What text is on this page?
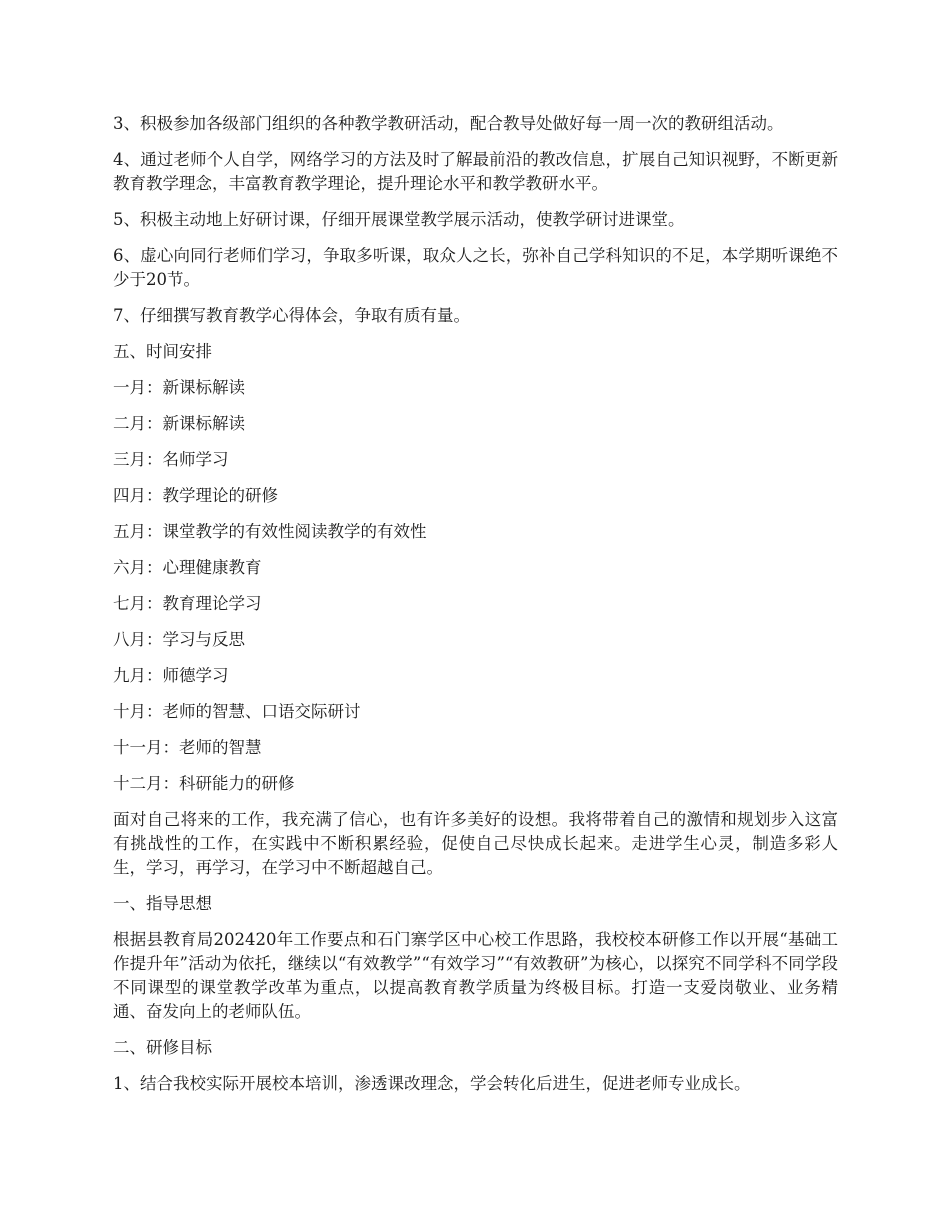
3、积极参加各级部门组织的各种教学教研活动，配合教导处做好每一周一次的教研组活动。

4、通过老师个人自学，网络学习的方法及时了解最前沿的教改信息，扩展自己知识视野，不断更新教育教学理念，丰富教育教学理论，提升理论水平和教学教研水平。

5、积极主动地上好研讨课，仔细开展课堂教学展示活动，使教学研讨进课堂。

6、虚心向同行老师们学习，争取多听课，取众人之长，弥补自己学科知识的不足，本学期听课绝不少于20节。

7、仔细撰写教育教学心得体会，争取有质有量。

五、时间安排

一月：新课标解读

二月：新课标解读

三月：名师学习

四月：教学理论的研修

五月：课堂教学的有效性阅读教学的有效性

六月：心理健康教育

七月：教育理论学习

八月：学习与反思

九月：师德学习

十月：老师的智慧、口语交际研讨

十一月：老师的智慧

十二月：科研能力的研修

面对自己将来的工作，我充满了信心，也有许多美好的设想。我将带着自己的激情和规划步入这富有挑战性的工作，在实践中不断积累经验，促使自己尽快成长起来。走进学生心灵，制造多彩人生，学习，再学习，在学习中不断超越自己。

一、指导思想

根据县教育局202420年工作要点和石门寨学区中心校工作思路，我校校本研修工作以开展“基础工作提升年”活动为依托，继续以“有效教学”“有效学习”“有效教研”为核心，以探究不同学科不同学段不同课型的课堂教学改革为重点，以提高教育教学质量为终极目标。打造一支爱岗敬业、业务精通、奋发向上的老师队伍。

二、研修目标

1、结合我校实际开展校本培训，渗透课改理念，学会转化后进生，促进老师专业成长。
